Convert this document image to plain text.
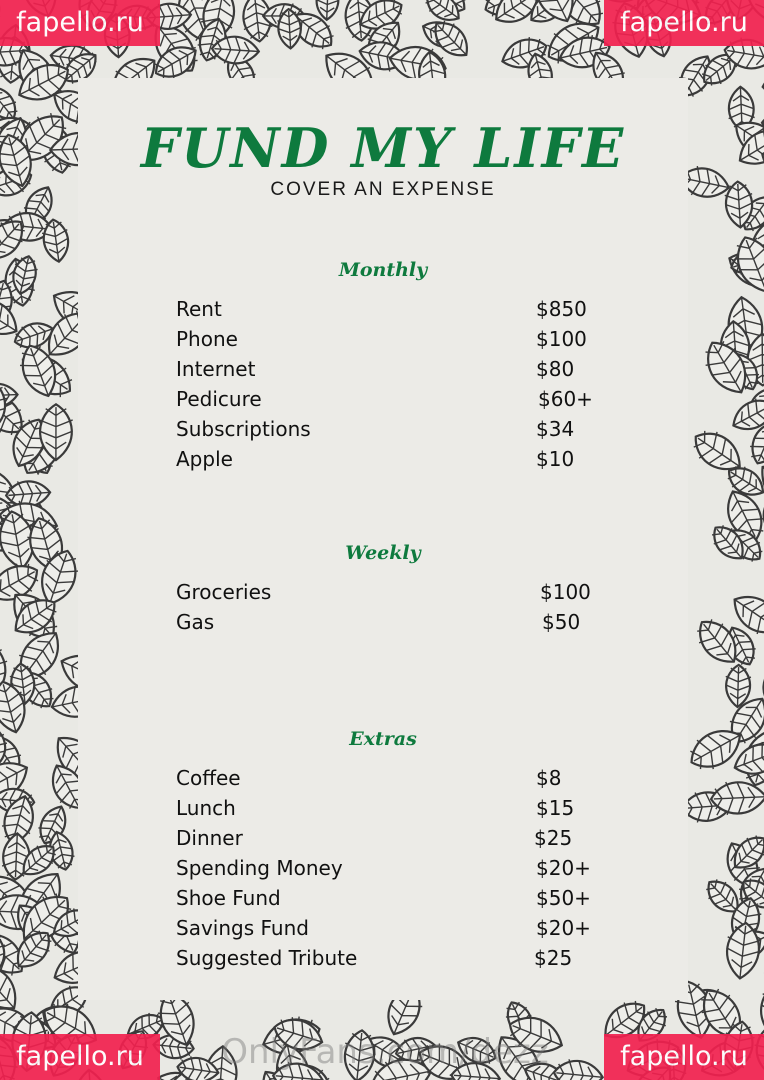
FUND MY LIFE
COVER AN EXPENSE
Monthly
Rent	$850
Phone	$100
Internet	$80
Pedicure	$60+
Subscriptions	$34
Apple	$10
Weekly
Groceries	$100
Gas	$50
Extras
Coffee	$8
Lunch	$15
Dinner	$25
Spending Money	$20+
Shoe Fund	$50+
Savings Fund	$20+
Suggested Tribute	$25
fapello.ru	fapello.ru
fapello.ru	fapello.ru
OnlyFans.com/dezz
